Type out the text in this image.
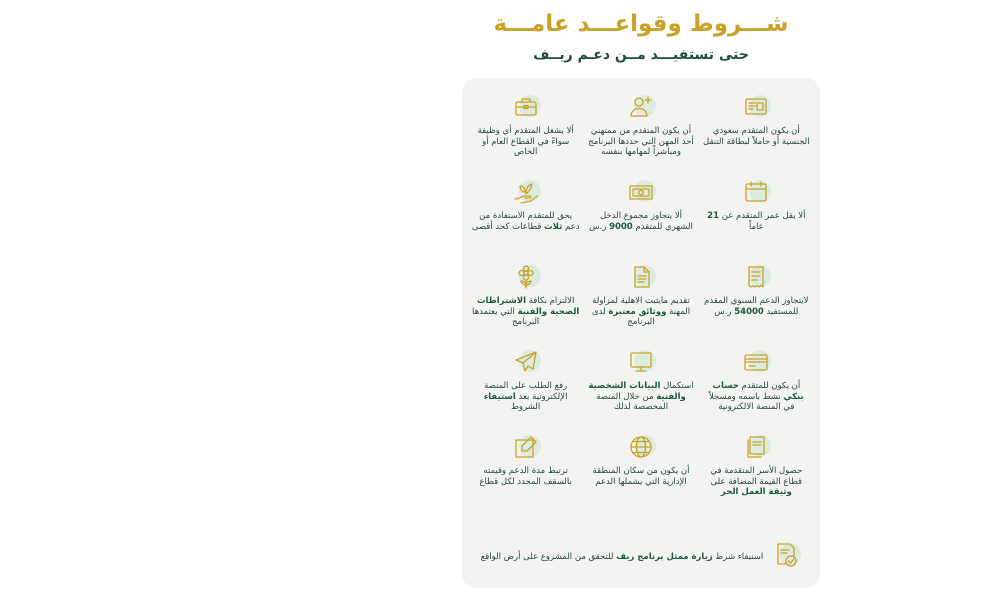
شـــروط وقواعـــد عامـــة
حتى تستفيـــد مــن دعـم ريــف
أن يكون المتقدم سعودي الجنسية أو حاملاً لبطاقة التنقل
أن يكون المتقدم من ممتهني أحد المهن التي حددها البرنامج ومباشراً لمهامها بنفسه
ألا يشغل المتقدم أي وظيفة سواءً في القطاع العام أو الخاص
ألا يقل عمر المتقدم عن 21 عاماً
ألا يتجاوز مجموع الدخل الشهري للمتقدم 9000 ر.س
يحق للمتقدم الاستفادة من دعم ثلاث قطاعات كحد أقصى
لايتجاوز الدعم السنوي المقدم للمستفيد 54000 ر.س
تقديم مايثبت الاهلية لمزاولة المهنة ووثائق معتبرة لدى البرنامج
الالتزام بكافة الاشتراطات الصحية والفنية التي يعتمدها البرنامج
أن يكون للمتقدم حساب بنكي نشط باسمه ومسجلاً في المنصة الالكترونية
استكمال البيانات الشخصية والفنية من خلال المنصة المخصصة لذلك
رفع الطلب على المنصة الإلكترونية بعد استيفاء الشروط
حصول الأسر المتقدمة في قطاع القيمة المضافة على وثيقة العمل الحر
أن يكون من سكان المنطقة الإدارية التي يشملها الدعم
ترتبط مدة الدعم وقيمته بالسقف المحدد لكل قطاع
استيفاء شرط زيارة ممثل برنامج ريف للتحقق من المشروع على أرض الواقع
